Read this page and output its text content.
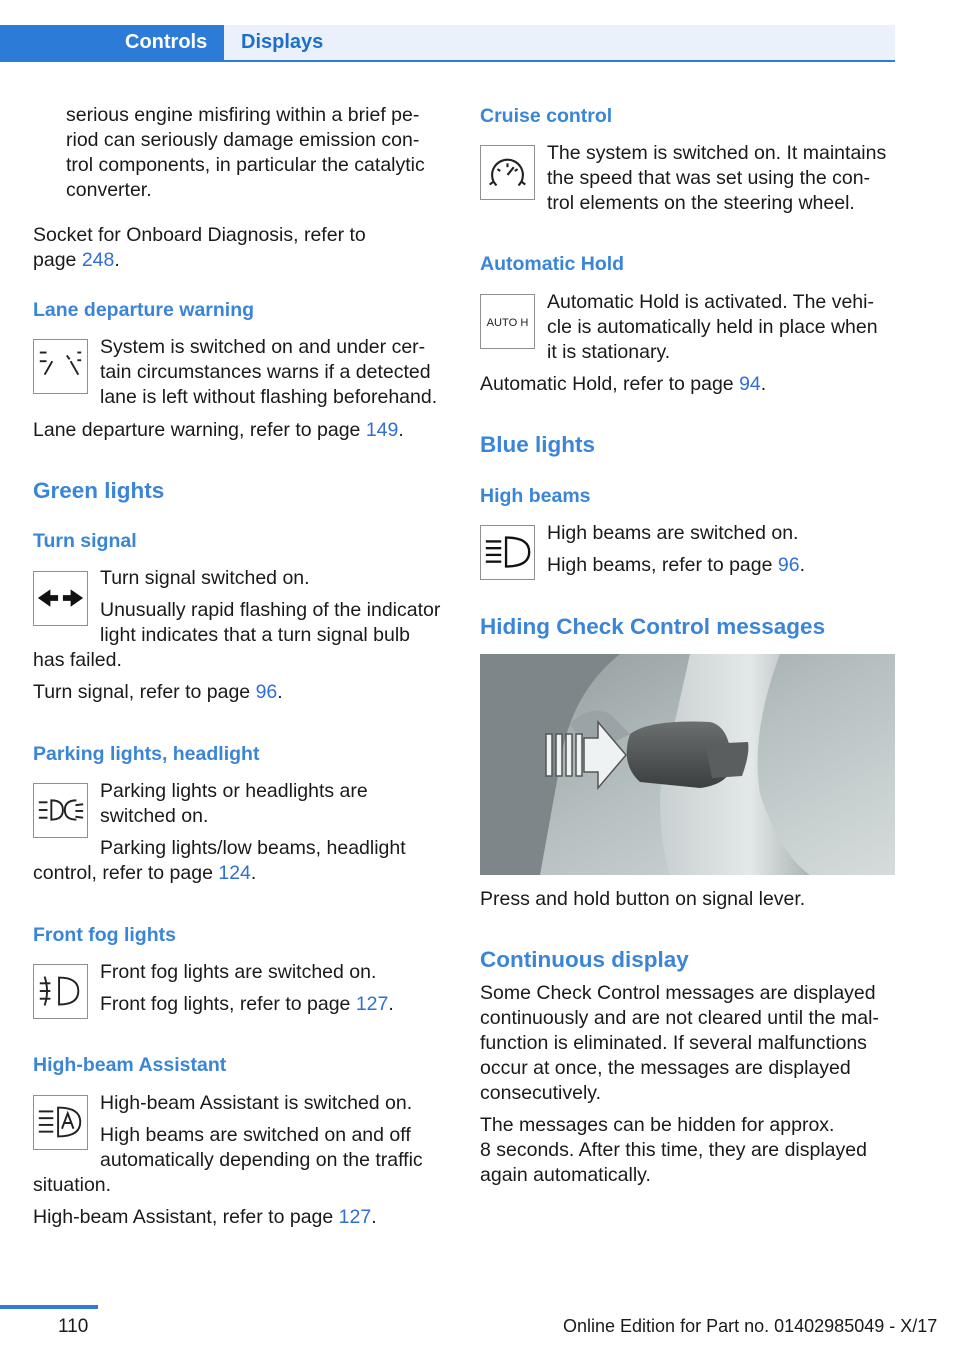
Controls	Displays
serious engine misfiring within a brief pe‐
riod can seriously damage emission con‐
trol components, in particular the catalytic
converter.
Socket for Onboard Diagnosis, refer to
page 248.
Lane departure warning
System is switched on and under cer‐
tain circumstances warns if a detected
lane is left without flashing beforehand.
Lane departure warning, refer to page 149.
Green lights
Turn signal
Turn signal switched on.
Unusually rapid flashing of the indicator
light indicates that a turn signal bulb
has failed.
Turn signal, refer to page 96.
Parking lights, headlight
Parking lights or headlights are
switched on.
Parking lights/low beams, headlight
control, refer to page 124.
Front fog lights
Front fog lights are switched on.
Front fog lights, refer to page 127.
High-beam Assistant
High-beam Assistant is switched on.
High beams are switched on and off
automatically depending on the traffic
situation.
High-beam Assistant, refer to page 127.
Cruise control
The system is switched on. It maintains
the speed that was set using the con‐
trol elements on the steering wheel.
Automatic Hold
AUTO H
Automatic Hold is activated. The vehi‐
cle is automatically held in place when
it is stationary.
Automatic Hold, refer to page 94.
Blue lights
High beams
High beams are switched on.
High beams, refer to page 96.
Hiding Check Control messages
Press and hold button on signal lever.
Continuous display
Some Check Control messages are displayed
continuously and are not cleared until the mal‐
function is eliminated. If several malfunctions
occur at once, the messages are displayed
consecutively.
The messages can be hidden for approx.
8 seconds. After this time, they are displayed
again automatically.
110	Online Edition for Part no. 01402985049 - X/17
